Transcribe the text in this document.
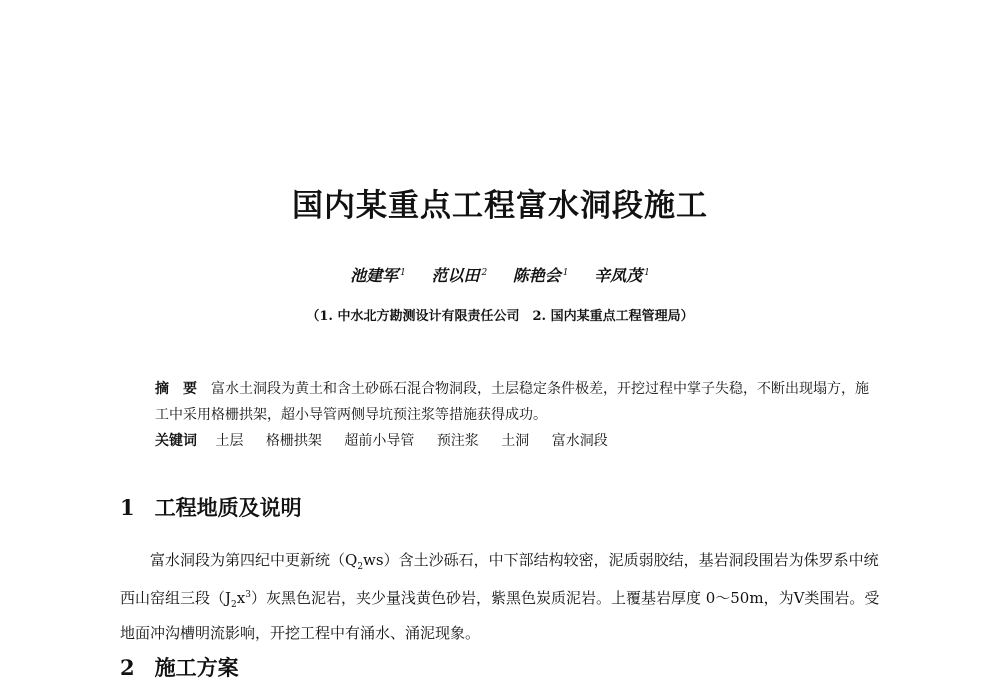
国内某重点工程富水洞段施工
池建军 $^1$ 范以田 $^2$ 陈艳会 $^1$ 辛凤茂 $^1$
（1. 中水北方勘测设计有限责任公司　2. 国内某重点工程管理局）
摘　要 富水土洞段为黄土和含土砂砾石混合物洞段，土层稳定条件极差，开挖过程中掌子失稳，不断出现塌方，施工中采用格栅拱架，超小导管两侧导坑预注浆等措施获得成功。
关键词 土层 格栅拱架 超前小导管 预注浆 土洞 富水洞段
1 工程地质及说明
富水洞段为第四纪中更新统$(Q_2ws)$含土沙砾石，中下部结构较密，泥质弱胶结，基岩洞段围岩为侏罗系中统西山窑组三段$(J_2x^3)$灰黑色泥岩，夹少量浅黄色砂岩，紫黑色炭质泥岩。上覆基岩厚度 0～50m，为Ⅴ类围岩。受地面冲沟槽明流影响，开挖工程中有涌水、涌泥现象。
2 施工方案
